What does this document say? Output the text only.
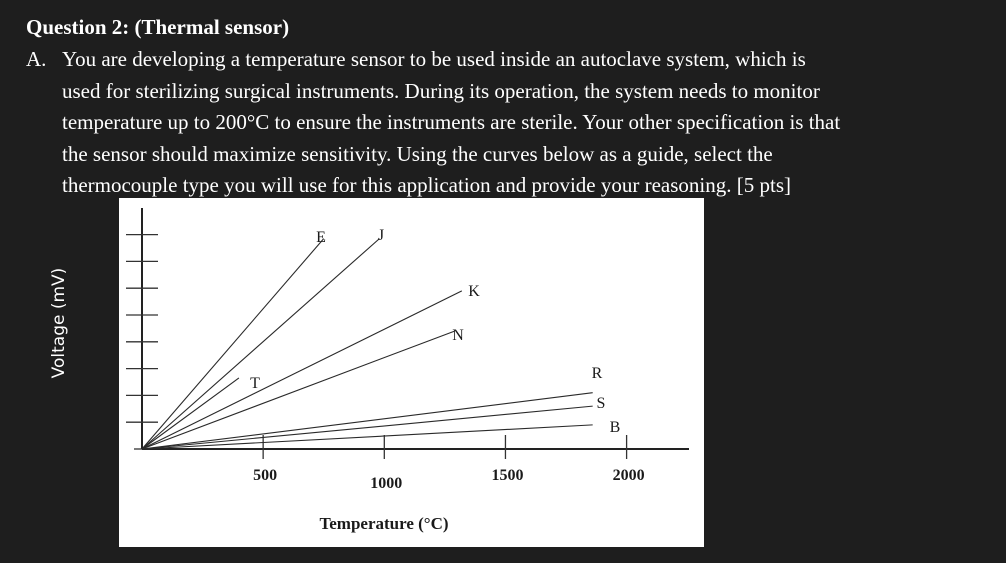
Question 2: (Thermal sensor)
A. You are developing a temperature sensor to be used inside an autoclave system, which is
used for sterilizing surgical instruments. During its operation, the system needs to monitor
temperature up to 200°C to ensure the instruments are sterile. Your other specification is that
the sensor should maximize sensitivity. Using the curves below as a guide, select the
thermocouple type you will use for this application and provide your reasoning. [5 pts]
Voltage (mV)
500	1000	1500	2000
E	J
K
N
T
R
S
B
Temperature (°C)
